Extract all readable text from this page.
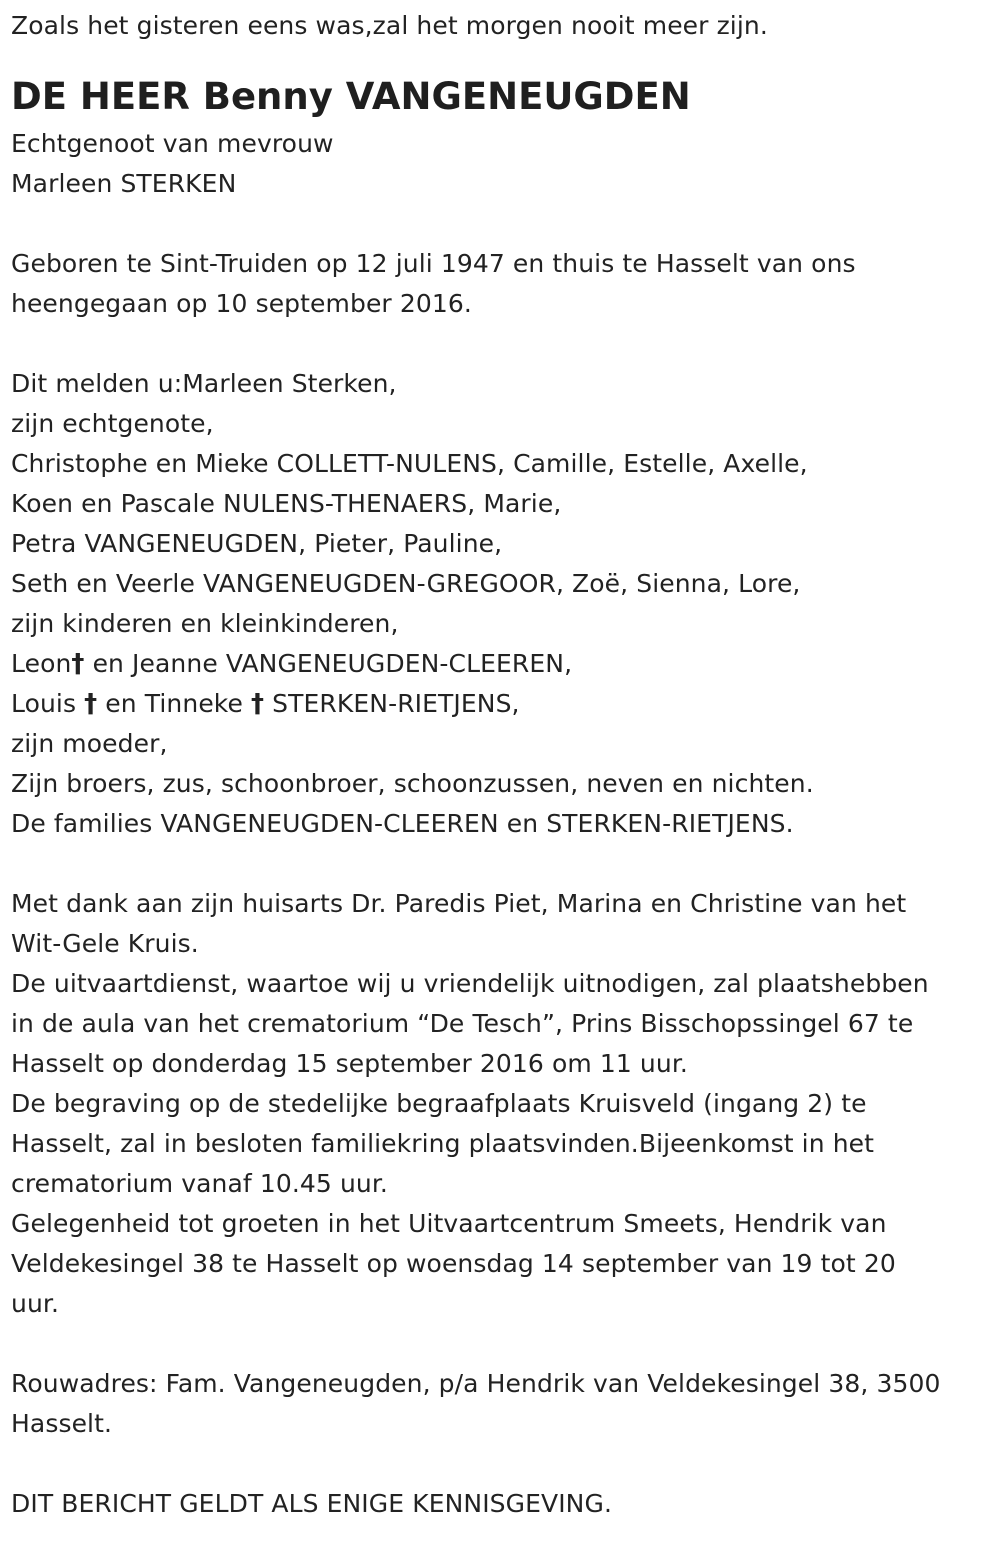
Zoals het gisteren eens was,zal het morgen nooit meer zijn.
DE HEER Benny VANGENEUGDEN
Echtgenoot van mevrouw
Marleen STERKEN
Geboren te Sint-Truiden op 12 juli 1947 en thuis te Hasselt van ons
heengegaan op 10 september 2016.
Dit melden u:Marleen Sterken,
zijn echtgenote,
Christophe en Mieke COLLETT-NULENS, Camille, Estelle, Axelle,
Koen en Pascale NULENS-THENAERS, Marie,
Petra VANGENEUGDEN, Pieter, Pauline,
Seth en Veerle VANGENEUGDEN-GREGOOR, Zoë, Sienna, Lore,
zijn kinderen en kleinkinderen,
Leon† en Jeanne VANGENEUGDEN-CLEEREN,
Louis † en Tinneke † STERKEN-RIETJENS,
zijn moeder,
Zijn broers, zus, schoonbroer, schoonzussen, neven en nichten.
De families VANGENEUGDEN-CLEEREN en STERKEN-RIETJENS.
Met dank aan zijn huisarts Dr. Paredis Piet, Marina en Christine van het
Wit-Gele Kruis.
De uitvaartdienst, waartoe wij u vriendelijk uitnodigen, zal plaatshebben
in de aula van het crematorium “De Tesch”, Prins Bisschopssingel 67 te
Hasselt op donderdag 15 september 2016 om 11 uur.
De begraving op de stedelijke begraafplaats Kruisveld (ingang 2) te
Hasselt, zal in besloten familiekring plaatsvinden.Bijeenkomst in het
crematorium vanaf 10.45 uur.
Gelegenheid tot groeten in het Uitvaartcentrum Smeets, Hendrik van
Veldekesingel 38 te Hasselt op woensdag 14 september van 19 tot 20
uur.
Rouwadres: Fam. Vangeneugden, p/a Hendrik van Veldekesingel 38, 3500
Hasselt.
DIT BERICHT GELDT ALS ENIGE KENNISGEVING.
